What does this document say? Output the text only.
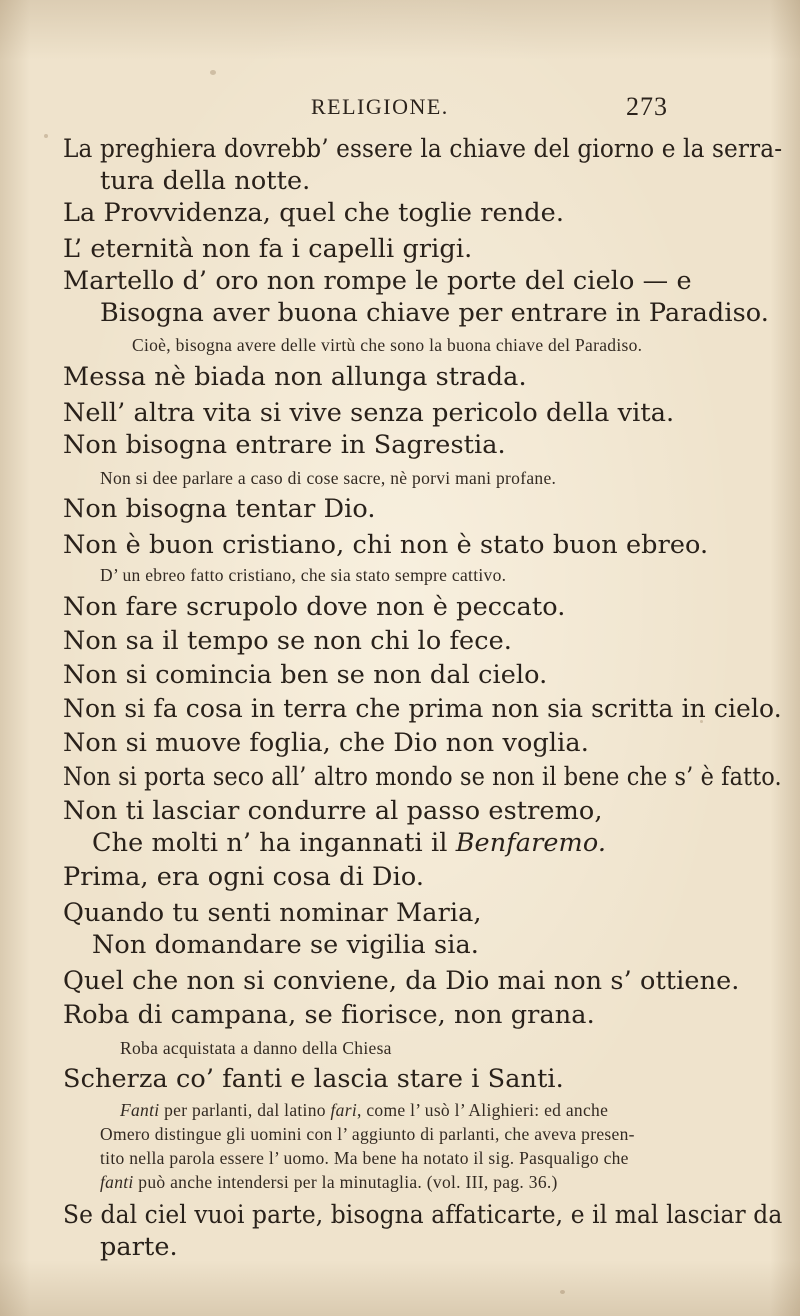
RELIGIONE.	273
La preghiera dovrebb’ essere la chiave del giorno e la serra-
tura della notte.
La Provvidenza, quel che toglie rende.
L’ eternità non fa i capelli grigi.
Martello d’ oro non rompe le porte del cielo — e
Bisogna aver buona chiave per entrare in Paradiso.
Cioè, bisogna avere delle virtù che sono la buona chiave del Paradiso.
Messa nè biada non allunga strada.
Nell’ altra vita si vive senza pericolo della vita.
Non bisogna entrare in Sagrestia.
Non si dee parlare a caso di cose sacre, nè porvi mani profane.
Non bisogna tentar Dio.
Non è buon cristiano, chi non è stato buon ebreo.
D’ un ebreo fatto cristiano, che sia stato sempre cattivo.
Non fare scrupolo dove non è peccato.
Non sa il tempo se non chi lo fece.
Non si comincia ben se non dal cielo.
Non si fa cosa in terra che prima non sia scritta in cielo.
Non si muove foglia, che Dio non voglia.
Non si porta seco all’ altro mondo se non il bene che s’ è fatto.
Non ti lasciar condurre al passo estremo,
Che molti n’ ha ingannati il Benfaremo.
Prima, era ogni cosa di Dio.
Quando tu senti nominar Maria,
Non domandare se vigilia sia.
Quel che non si conviene, da Dio mai non s’ ottiene.
Roba di campana, se fiorisce, non grana.
Roba acquistata a danno della Chiesa
Scherza co’ fanti e lascia stare i Santi.
Fanti per parlanti, dal latino fari, come l’ usò l’ Alighieri: ed anche
Omero distingue gli uomini con l’ aggiunto di parlanti, che aveva presen-
tito nella parola essere l’ uomo. Ma bene ha notato il sig. Pasqualigo che
fanti può anche intendersi per la minutaglia. (vol. III, pag. 36.)
Se dal ciel vuoi parte, bisogna affaticarte, e il mal lasciar da
parte.
